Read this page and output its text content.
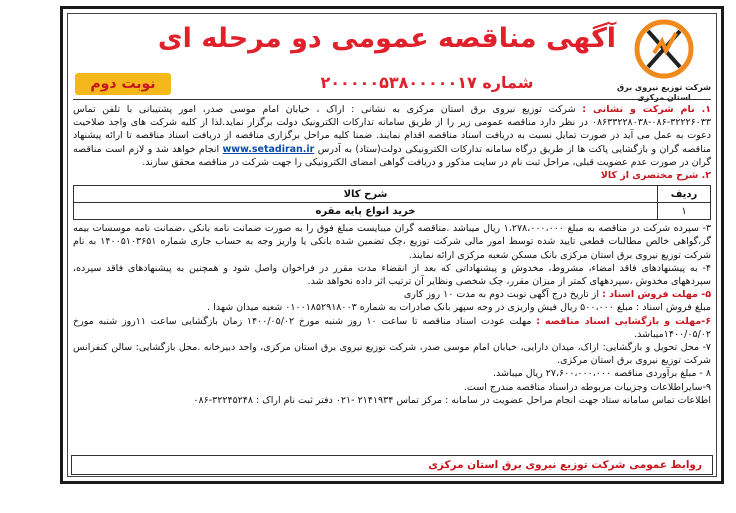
شرکت توزیع نیروی برق استان مرکزی
آگهی مناقصه عمومی دو مرحله ای
شماره ۲۰۰۰۰۰۵۳۸۰۰۰۰۰۱۷
نوبت دوم

۱. نام شرکت و نشانی : شرکت توزیع نیروی برق استان مرکزی به نشانی : اراک ، خیابان امام موسی صدر، امور پشتیبانی با تلفن تماس ۳۲۲۲۶۰۳۳-۰۸۶-۰۸۶۳۳۲۲۸۰۳۸ در نظر دارد مناقصه عمومی زیر را از طریق سامانه تدارکات الکترونیک دولت برگزار نماید.لذا از کلیه شرکت های واجد صلاحیت دعوت به عمل می آید در صورت تمایل نسبت به دریافت اسناد مناقصه اقدام نمایند. ضمنا کلیه مراحل برگزاری مناقصه از دریافت اسناد مناقصه تا ارائه پیشنهاد مناقصه گران و بازگشایی پاکت ها از طریق درگاه سامانه تدارکات الکترونیکی دولت(ستاد) به آدرس www.setadiran.ir انجام خواهد شد و لازم است مناقصه گران در صورت عدم عضویت قبلی، مراحل ثبت نام در سایت مذکور و دریافت گواهی امضای الکترونیکی را جهت شرکت در مناقصه محقق سازند.

۲. شرح مختصری از کالا

ردیف	شرح کالا
۱	خرید انواع پایه مقره

۳- سپرده شرکت در مناقصه به مبلغ ۱،۲۷۸،۰۰۰،۰۰۰ ریال میباشد .مناقصه گران میبایست مبلغ فوق را به صورت ضمانت نامه بانکی ،ضمانت نامه موسسات بیمه گر،گواهی خالص مطالبات قطعی تایید شده توسط امور مالی شرکت توزیع ،چک تضمین شده بانکی یا واریز وجه به حساب جاری شماره ۱۴۰۰۵۱۰۳۶۵۱ به نام شرکت توزیع نیروی برق استان مرکزی بانک مسکن شعبه مرکزی ارائه نمایند.

۴- به پیشنهادهای فاقد امضاء، مشروط، مخدوش و پیشنهاداتی که بعد از انقضاء مدت مقرر در فراخوان واصل شود و همچنین به پیشنهادهای فاقد سپرده، سپردههای مخدوش ،سپردههای کمتر از میزان مقرر، چک شخصی ونظایر آن ترتیب اثر داده نخواهد شد.

۵- مهلت فروش اسناد : از تاریخ درج آگهی نوبت دوم به مدت ۱۰ روز کاری

مبلغ فروش اسناد : مبلغ ۵۰۰،۰۰۰ ریال فیش واریزی در وجه سپهر بانک صادرات به شماره ۰۱۰۰۱۸۵۲۹۱۸۰۰۳ شعبه میدان شهدا .

۶-مهلت و بازگشایی اسناد مناقصه : مهلت عودت اسناد مناقصه تا ساعت ۱۰ روز شنبه مورخ ۱۴۰۰/۰۵/۰۲ زمان بازگشایی ساعت ۱۱روز شنبه مورخ ۱۴۰۰/۰۵/۰۲میباشد.

۷- محل تحویل و بازگشایی: اراک، میدان دارایی، خیابان امام موسی صدر، شرکت توزیع نیروی برق استان مرکزی، واحد دبیرخانه .محل بازگشایی: سالن کنفرانس شرکت توزیع نیروی برق استان مرکزی.

۸ - مبلغ برآوردی مناقصه ۲۷،۶۰۰،۰۰۰،۰۰۰ ریال میباشد.

۹-سایراطلاعات وجزییات مربوطه دراسناد مناقصه مندرج است.

اطلاعات تماس سامانه ستاد جهت انجام مراحل عضویت در سامانه : مرکز تماس ۲۱۴۱۹۳۴ -۰۲۱ دفتر ثبت نام اراک : ۳۲۲۴۵۲۴۸-۰۸۶

روابط عمومی شرکت توزیع نیروی برق استان مرکزی
